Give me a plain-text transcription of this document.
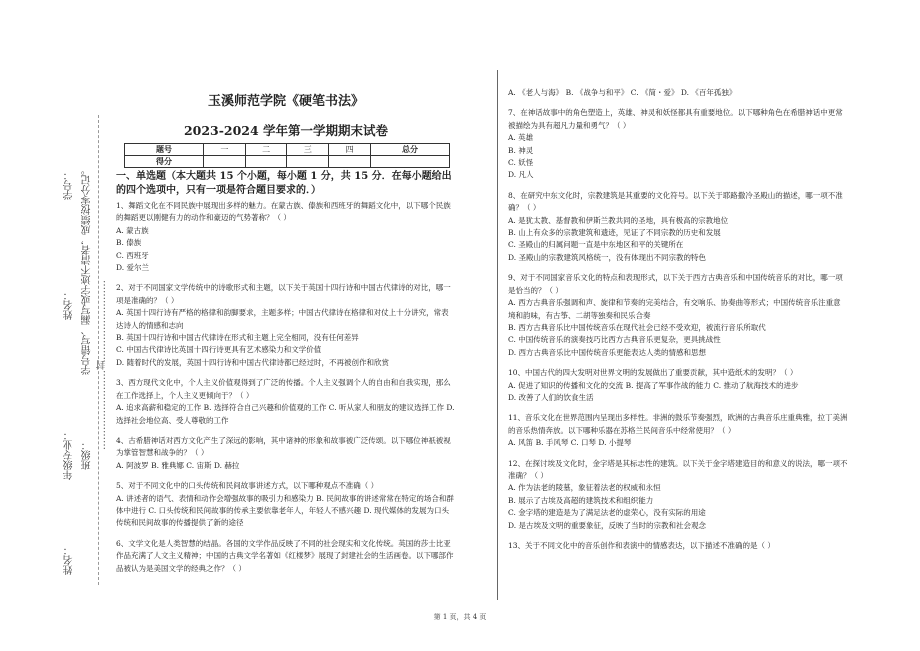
学号： 学号错写、漏写或字迹不清者，成绩按零分记。
姓名：
年级专业： 班级：
……………………封……………………
姓名：
玉溪师范学院《硬笔书法》
2023-2024 学年第一学期期末试卷
题号	一	二	三	四	总分
得分					
一、单选题（本大题共 15 个小题，每小题 1 分，共 15 分．在每小题给出的四个选项中，只有一项是符合题目要求的．）

1、舞蹈文化在不同民族中展现出多样的魅力。在蒙古族、傣族和西班牙的舞蹈文化中，以下哪个民族的舞蹈更以刚健有力的动作和豪迈的气势著称？（ ）

A. 蒙古族

B. 傣族

C. 西班牙

D. 爱尔兰

2、对于不同国家文学传统中的诗歌形式和主题，以下关于英国十四行诗和中国古代律诗的对比，哪一项是准确的？（ ）

A. 英国十四行诗有严格的格律和韵脚要求，主题多样；中国古代律诗在格律和对仗上十分讲究，常表达诗人的情感和志向

B. 英国十四行诗和中国古代律诗在形式和主题上完全相同，没有任何差异

C. 中国古代律诗比英国十四行诗更具有艺术感染力和文学价值

D. 随着时代的发展，英国十四行诗和中国古代律诗都已经过时，不再被创作和欣赏

3、西方现代文化中，个人主义价值观得到了广泛的传播。个人主义强调个人的自由和自我实现，那么在工作选择上，个人主义更倾向于？（ ）

A. 追求高薪和稳定的工作 B. 选择符合自己兴趣和价值观的工作 C. 听从家人和朋友的建议选择工作 D. 选择社会地位高、受人尊敬的工作

4、古希腊神话对西方文化产生了深远的影响，其中诸神的形象和故事被广泛传颂。以下哪位神祇被视为掌管智慧和战争的？（ ）

A. 阿波罗 B. 雅典娜 C. 宙斯 D. 赫拉

5、对于不同文化中的口头传统和民间故事讲述方式，以下哪种观点不准确（ ）

A. 讲述者的语气、表情和动作会增强故事的吸引力和感染力 B. 民间故事的讲述常常在特定的场合和群体中进行 C. 口头传统和民间故事的传承主要依靠老年人，年轻人不感兴趣 D. 现代媒体的发展为口头传统和民间故事的传播提供了新的途径

6、文学文化是人类智慧的结晶。各国的文学作品反映了不同的社会现实和文化传统。英国的莎士比亚作品充满了人文主义精神；中国的古典文学名著如《红楼梦》展现了封建社会的生活画卷。以下哪部作品被认为是美国文学的经典之作？（ ）

A. 《老人与海》 B. 《战争与和平》 C. 《简・爱》 D. 《百年孤独》

7、在神话故事中的角色塑造上，英雄、神灵和妖怪都具有重要地位。以下哪种角色在希腊神话中更常被描绘为具有超凡力量和勇气？（ ）

A. 英雄

B. 神灵

C. 妖怪

D. 凡人

8、在研究中东文化时，宗教建筑是其重要的文化符号。以下关于耶路撒冷圣殿山的描述，哪一项不准确？（ ）

A. 是犹太教、基督教和伊斯兰教共同的圣地，具有极高的宗教地位

B. 山上有众多的宗教建筑和遗迹，见证了不同宗教的历史和发展

C. 圣殿山的归属问题一直是中东地区和平的关键所在

D. 圣殿山的宗教建筑风格统一，没有体现出不同宗教的特色

9、对于不同国家音乐文化的特点和表现形式，以下关于西方古典音乐和中国传统音乐的对比，哪一项是恰当的？（ ）

A. 西方古典音乐强调和声、旋律和节奏的完美结合，有交响乐、协奏曲等形式；中国传统音乐注重意境和韵味，有古筝、二胡等独奏和民乐合奏

B. 西方古典音乐比中国传统音乐在现代社会已经不受欢迎，被流行音乐所取代

C. 中国传统音乐的演奏技巧比西方古典音乐更复杂，更具挑战性

D. 西方古典音乐比中国传统音乐更能表达人类的情感和思想

10、中国古代的四大发明对世界文明的发展做出了重要贡献，其中造纸术的发明？（ ）

A. 促进了知识的传播和文化的交流 B. 提高了军事作战的能力 C. 推动了航海技术的进步

D. 改善了人们的饮食生活

11、音乐文化在世界范围内呈现出多样性。非洲的鼓乐节奏强烈，欧洲的古典音乐庄重典雅，拉丁美洲的音乐热情奔放。以下哪种乐器在苏格兰民间音乐中经常使用？（ ）

A. 风笛 B. 手风琴 C. 口琴 D. 小提琴

12、在探讨埃及文化时，金字塔是其标志性的建筑。以下关于金字塔建造目的和意义的说法，哪一项不准确？（ ）

A. 作为法老的陵墓，象征着法老的权威和永恒

B. 展示了古埃及高超的建筑技术和组织能力

C. 金字塔的建造是为了满足法老的虚荣心，没有实际的用途

D. 是古埃及文明的重要象征，反映了当时的宗教和社会观念

13、关于不同文化中的音乐创作和表演中的情感表达，以下描述不准确的是（ ）

第 1 页，共 4 页
